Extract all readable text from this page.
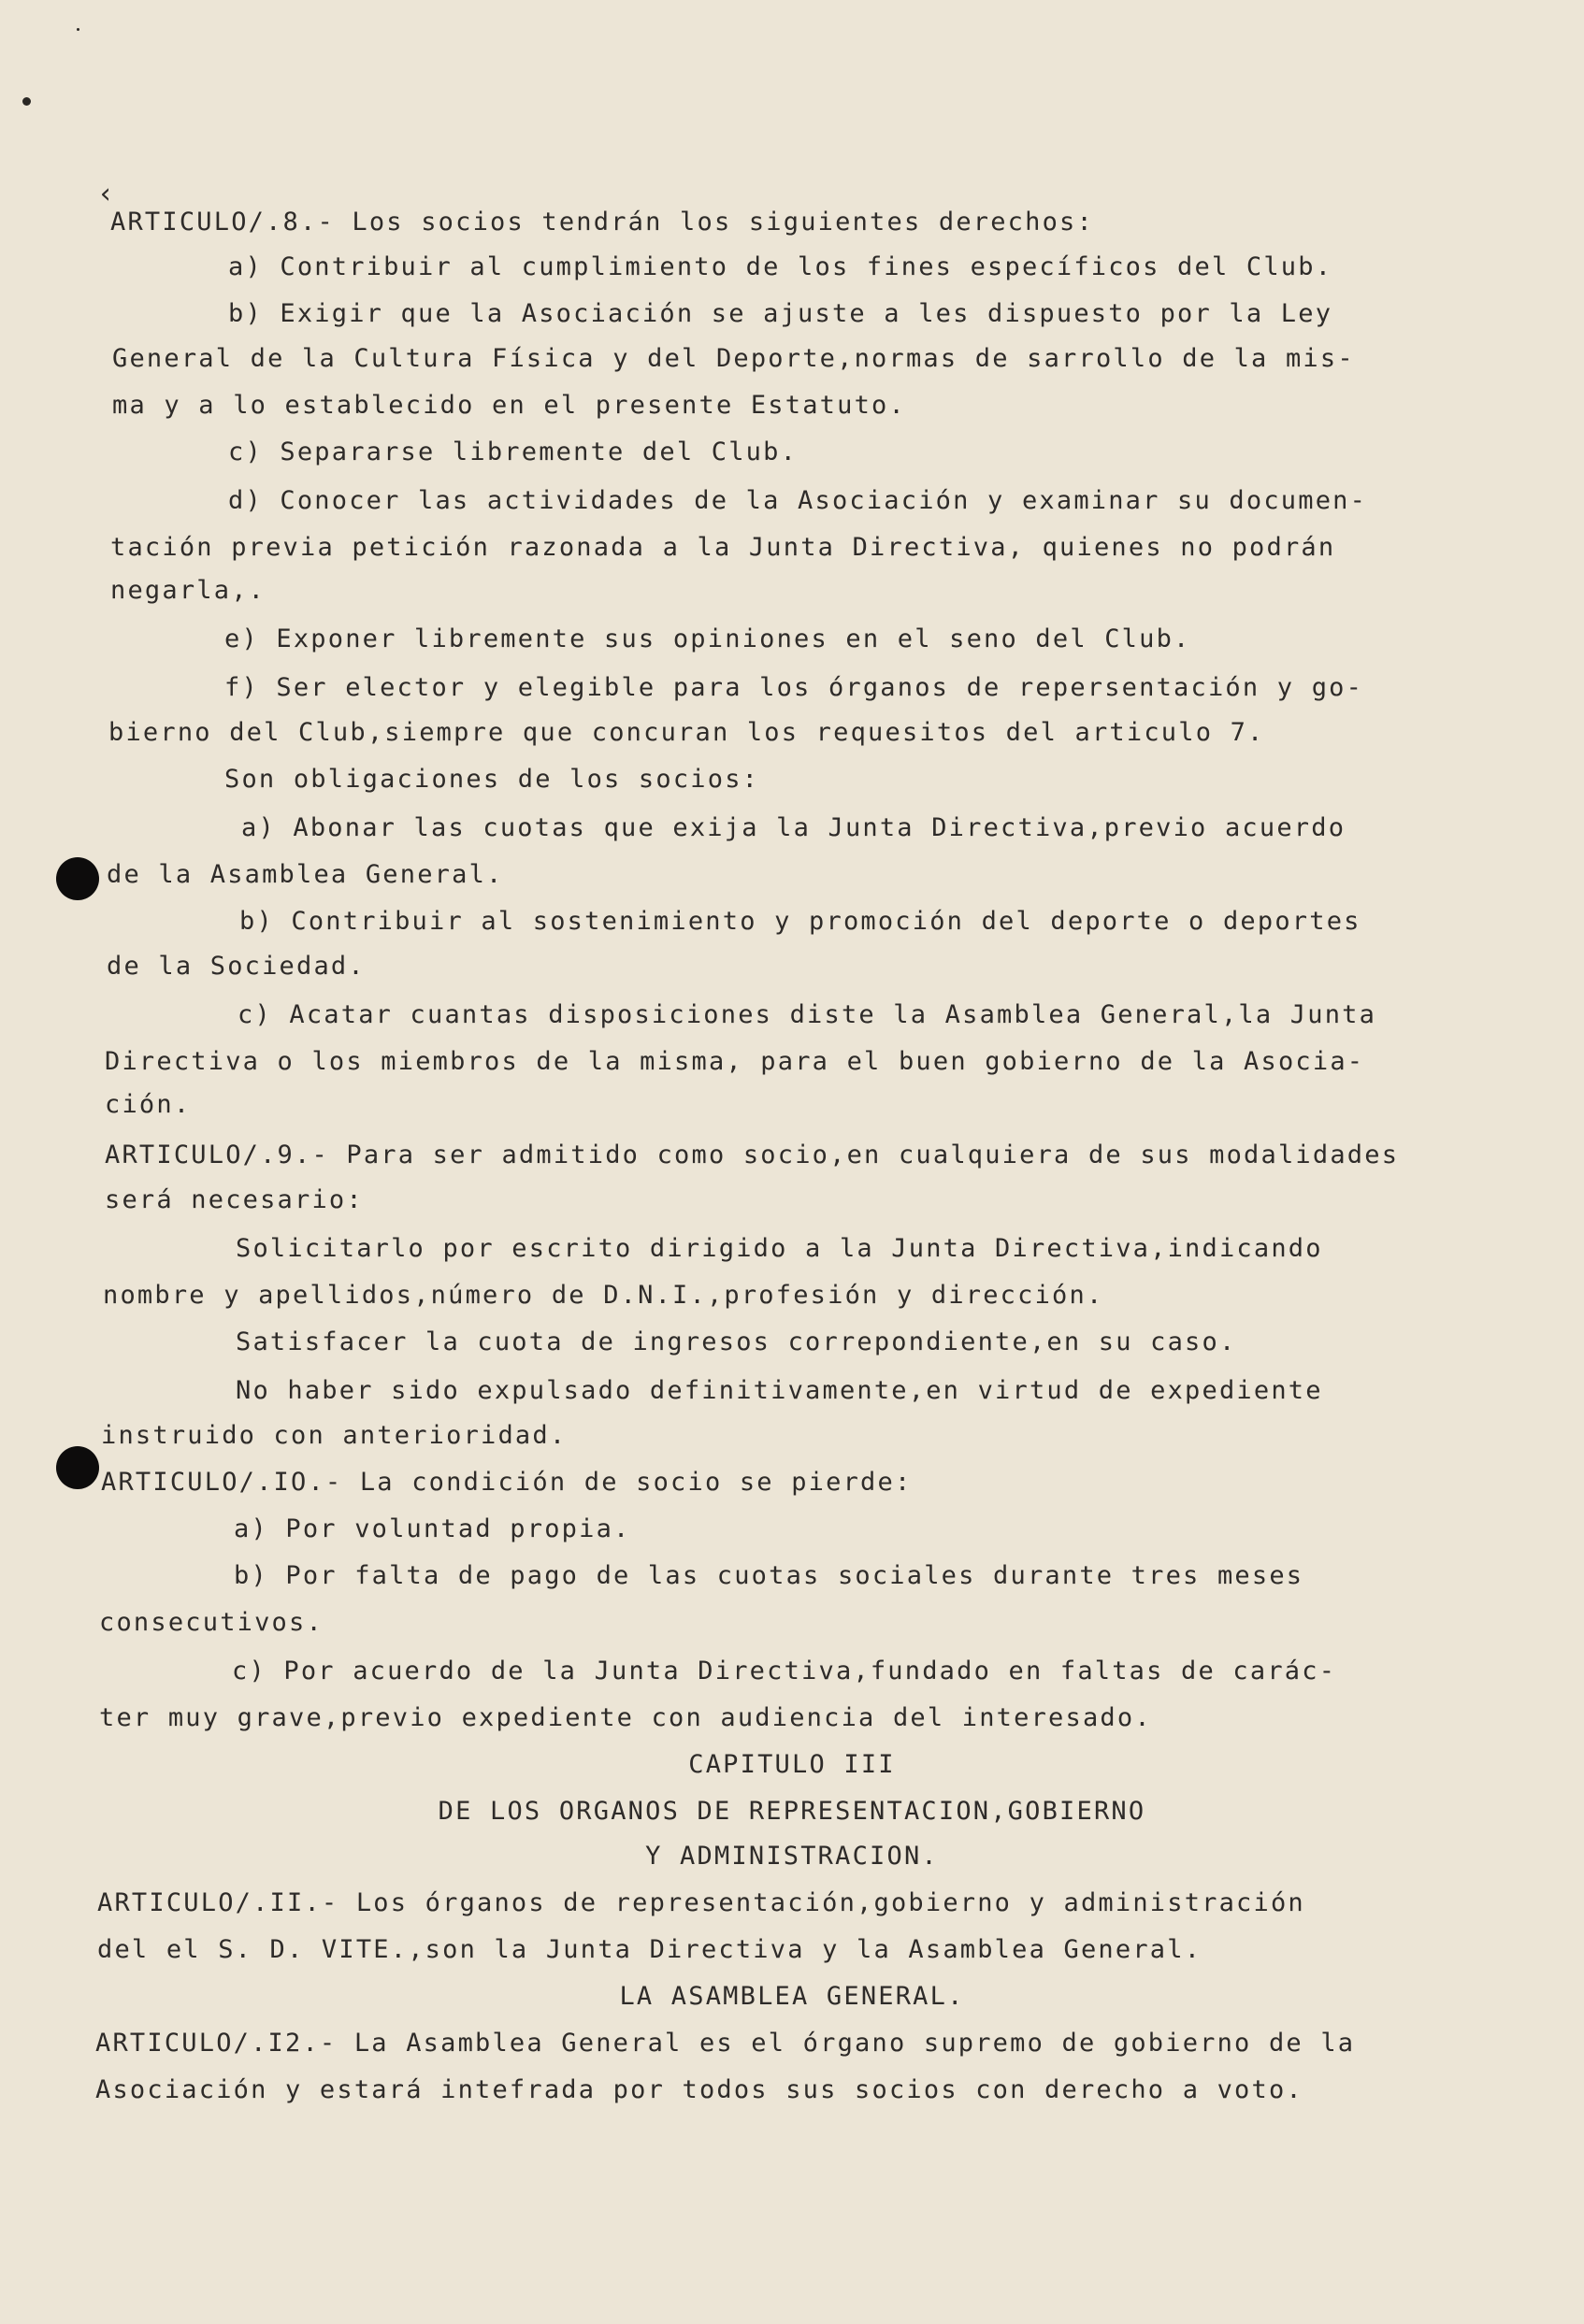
‹
ARTICULO/.8.- Los socios tendrán los siguientes derechos:
a) Contribuir al cumplimiento de los fines específicos del Club.
b) Exigir que la Asociación se ajuste a les dispuesto por la Ley
General de la Cultura Física y del Deporte,normas de sarrollo de la mis-
ma y a lo establecido en el presente Estatuto.
c) Separarse libremente del Club.
d) Conocer las actividades de la Asociación y examinar su documen-
tación previa petición razonada a la Junta Directiva, quienes no podrán
negarla,.
e) Exponer libremente sus opiniones en el seno del Club.
f) Ser elector y elegible para los órganos de repersentación y go-
bierno del Club,siempre que concuran los requesitos del articulo 7.
Son obligaciones de los socios:
a) Abonar las cuotas que exija la Junta Directiva,previo acuerdo
de la Asamblea General.
b) Contribuir al sostenimiento y promoción del deporte o deportes
de la Sociedad.
c) Acatar cuantas disposiciones diste la Asamblea General,la Junta
Directiva o los miembros de la misma, para el buen gobierno de la Asocia-
ción.
ARTICULO/.9.- Para ser admitido como socio,en cualquiera de sus modalidades
será necesario:
Solicitarlo por escrito dirigido a la Junta Directiva,indicando
nombre y apellidos,número de D.N.I.,profesión y dirección.
Satisfacer la cuota de ingresos correpondiente,en su caso.
No haber sido expulsado definitivamente,en virtud de expediente
instruido con anterioridad.
ARTICULO/.IO.- La condición de socio se pierde:
a) Por voluntad propia.
b) Por falta de pago de las cuotas sociales durante tres meses
consecutivos.
c) Por acuerdo de la Junta Directiva,fundado en faltas de carác-
ter muy grave,previo expediente con audiencia del interesado.
CAPITULO III
DE LOS ORGANOS DE REPRESENTACION,GOBIERNO
Y ADMINISTRACION.
ARTICULO/.II.- Los órganos de representación,gobierno y administración
del el S. D. VITE.,son la Junta Directiva y la Asamblea General.
LA ASAMBLEA GENERAL.
ARTICULO/.I2.- La Asamblea General es el órgano supremo de gobierno de la
Asociación y estará intefrada por todos sus socios con derecho a voto.
